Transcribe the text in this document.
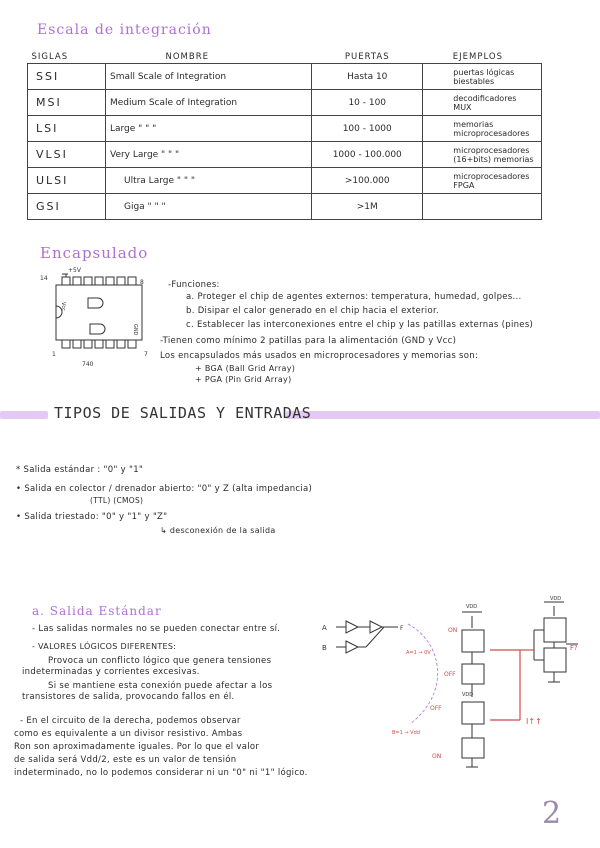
Escala de integración
SIGLAS	NOMBRE	PUERTAS	EJEMPLOS
SSI	Small Scale of Integration	Hasta 10	puertas lógicas biestables
MSI	Medium Scale of Integration	10 - 100	decodificadores MUX
LSI	Large " " "	100 - 1000	memorias microprocesadores
VLSI	Very Large " " "	1000 - 100.000	microprocesadores (16+bits) memorias
ULSI	Ultra Large " " "	>100.000	microprocesadores FPGA
GSI	Giga " " "	>1M	
Encapsulado
14
8
1	7
+5V
Vcc
GND
740
-Funciones:
a. Proteger el chip de agentes externos: temperatura, humedad, golpes...
b. Disipar el calor generado en el chip hacia el exterior.
c. Establecer las interconexiones entre el chip y las patillas externas (pines)
-Tienen como mínimo 2 patillas para la alimentación (GND y Vcc)
Los encapsulados más usados en microprocesadores y memorias son:
+ BGA (Ball Grid Array)
+ PGA (Pin Grid Array)
TIPOS DE SALIDAS Y ENTRADAS
* Salida estándar : "0" y "1"
• Salida en colector / drenador abierto: "0" y Z (alta impedancia)
(TTL) (CMOS)
• Salida triestado: "0" y "1" y "Z"
↳ desconexión de la salida
a. Salida Estándar
- Las salidas normales no se pueden conectar entre sí.
- VALORES LÓGICOS DIFERENTES:
Provoca un conflicto lógico que genera tensiones
indeterminadas y corrientes excesivas.
Si se mantiene esta conexión puede afectar a los
transistores de salida, provocando fallos en él.
- En el circuito de la derecha, podemos observar
como es equivalente a un divisor resistivo. Ambas
Ron son aproximadamente iguales. Por lo que el valor
de salida será Vdd/2, este es un valor de tensión
indeterminado, no lo podemos considerar ni un "0" ni "1" lógico.
A
B
F
VDD
VDD
VDD
ON
OFF
OFF
ON
A=1 → 0V
B=1 → Vdd
F?
I↑↑
2
